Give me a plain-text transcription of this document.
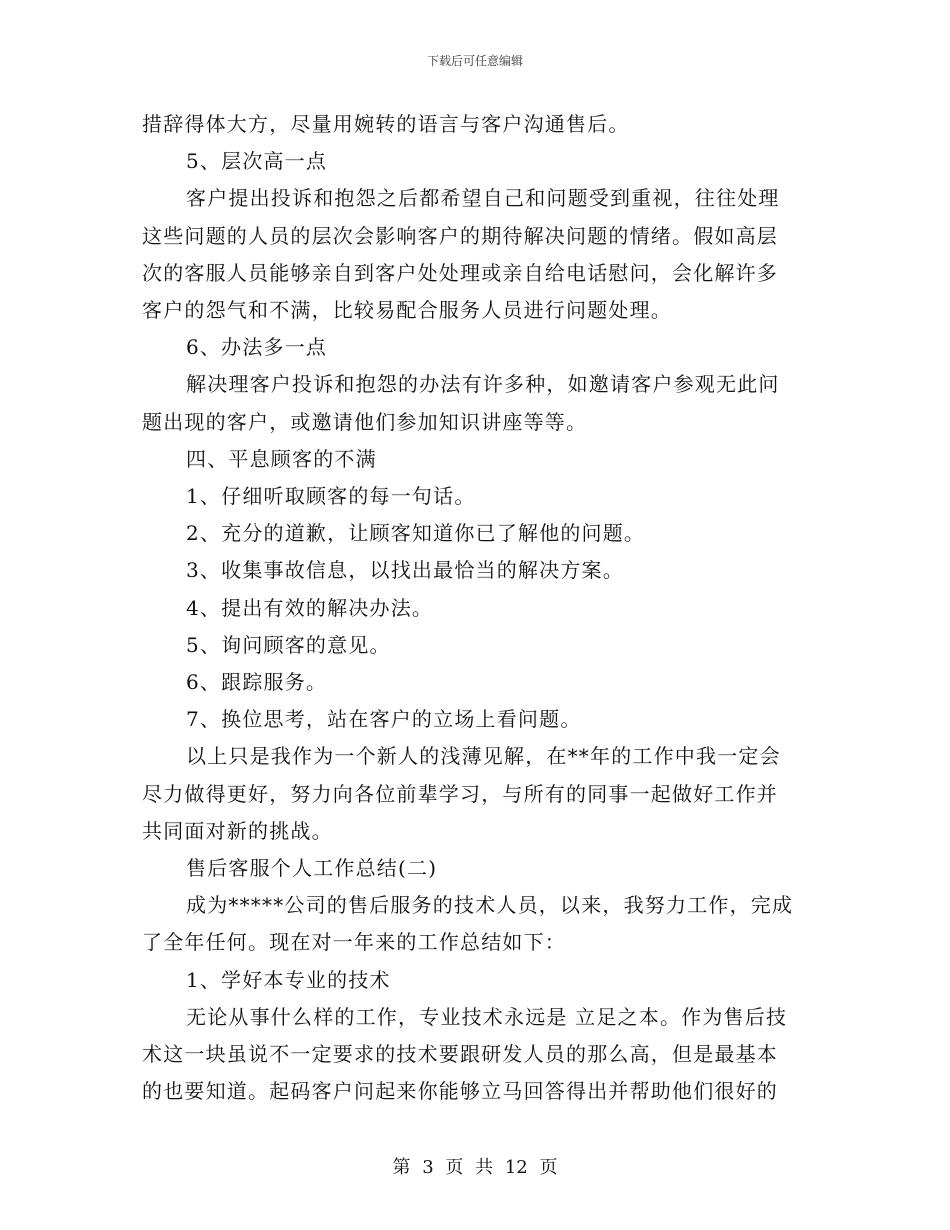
下载后可任意编辑

措辞得体大方，尽量用婉转的语言与客户沟通售后。

5、层次高一点

客户提出投诉和抱怨之后都希望自己和问题受到重视，往往处理

这些问题的人员的层次会影响客户的期待解决问题的情绪。假如高层

次的客服人员能够亲自到客户处处理或亲自给电话慰问，会化解许多

客户的怨气和不满，比较易配合服务人员进行问题处理。

6、办法多一点

解决理客户投诉和抱怨的办法有许多种，如邀请客户参观无此问

题出现的客户，或邀请他们参加知识讲座等等。

四、平息顾客的不满

1、仔细听取顾客的每一句话。

2、充分的道歉，让顾客知道你已了解他的问题。

3、收集事故信息，以找出最恰当的解决方案。

4、提出有效的解决办法。

5、询问顾客的意见。

6、跟踪服务。

7、换位思考，站在客户的立场上看问题。

以上只是我作为一个新人的浅薄见解，在**年的工作中我一定会

尽力做得更好，努力向各位前辈学习，与所有的同事一起做好工作并

共同面对新的挑战。

售后客服个人工作总结(二)

成为*****公司的售后服务的技术人员，以来，我努力工作，完成

了全年任何。现在对一年来的工作总结如下：

1、学好本专业的技术

无论从事什么样的工作，专业技术永远是 立足之本。作为售后技

术这一块虽说不一定要求的技术要跟研发人员的那么高，但是最基本

的也要知道。起码客户问起来你能够立马回答得出并帮助他们很好的

第 3 页 共 12 页
